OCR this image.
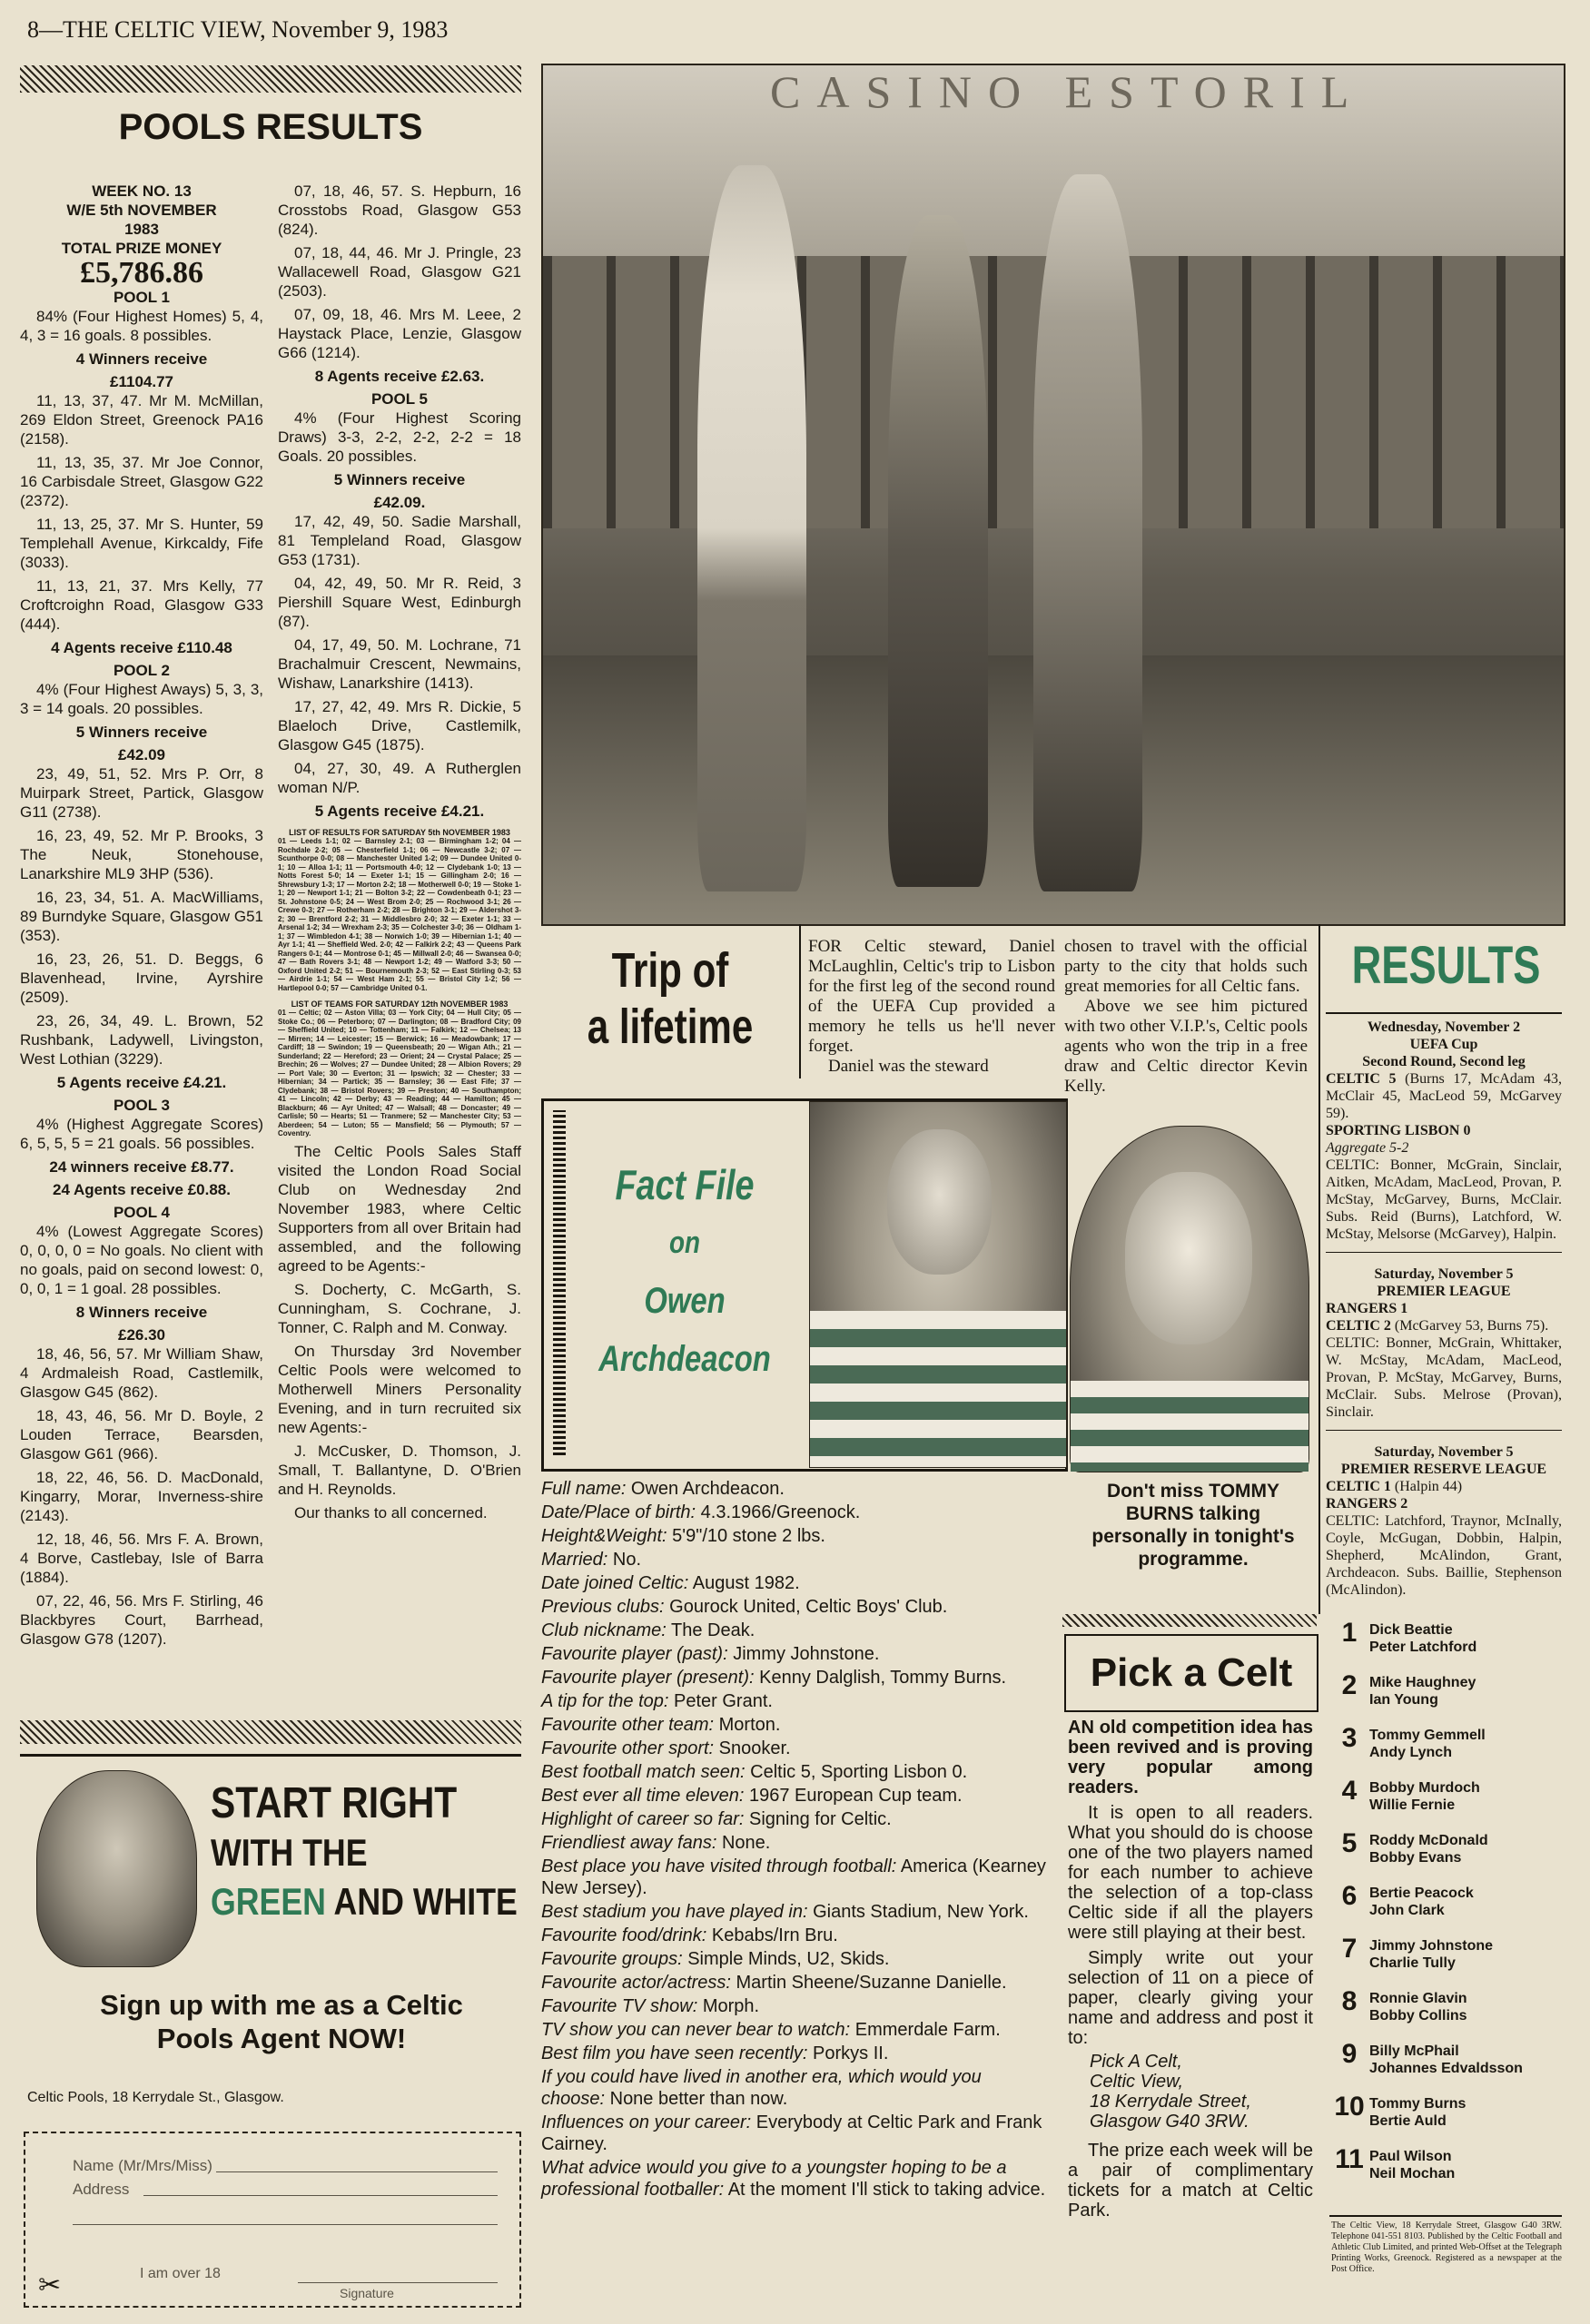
8—THE CELTIC VIEW, November 9, 1983
POOLS RESULTS
WEEK NO. 13
W/E 5th NOVEMBER
1983
TOTAL PRIZE MONEY
£5,786.86
POOL 1
84% (Four Highest Homes) 5, 4, 4, 3 = 16 goals. 8 possibles.
4 Winners receive
£1104.77
11, 13, 37, 47. Mr M. McMillan, 269 Eldon Street, Greenock PA16 (2158).
11, 13, 35, 37. Mr Joe Connor, 16 Carbisdale Street, Glasgow G22 (2372).
11, 13, 25, 37. Mr S. Hunter, 59 Templehall Avenue, Kirkcaldy, Fife (3033).
11, 13, 21, 37. Mrs Kelly, 77 Croftcroighn Road, Glasgow G33 (444).
4 Agents receive £110.48
POOL 2
4% (Four Highest Aways) 5, 3, 3, 3 = 14 goals. 20 possibles.
5 Winners receive
£42.09
23, 49, 51, 52. Mrs P. Orr, 8 Muirpark Street, Partick, Glasgow G11 (2738).
16, 23, 49, 52. Mr P. Brooks, 3 The Neuk, Stonehouse, Lanarkshire ML9 3HP (536).
16, 23, 34, 51. A. MacWilliams, 89 Burndyke Square, Glasgow G51 (353).
16, 23, 26, 51. D. Beggs, 6 Blavenhead, Irvine, Ayrshire (2509).
23, 26, 34, 49. L. Brown, 52 Rushbank, Ladywell, Livingston, West Lothian (3229).
5 Agents receive £4.21.
POOL 3
4% (Highest Aggregate Scores) 6, 5, 5, 5 = 21 goals. 56 possibles.
24 winners receive £8.77.
24 Agents receive £0.88.
POOL 4
4% (Lowest Aggregate Scores) 0, 0, 0, 0 = No goals. No client with no goals, paid on second lowest: 0, 0, 0, 1 = 1 goal. 28 possibles.
8 Winners receive
£26.30
18, 46, 56, 57. Mr William Shaw, 4 Ardmaleish Road, Castlemilk, Glasgow G45 (862).
18, 43, 46, 56. Mr D. Boyle, 2 Louden Terrace, Bearsden, Glasgow G61 (966).
18, 22, 46, 56. D. MacDonald, Kingarry, Morar, Inverness-shire (2143).
12, 18, 46, 56. Mrs F. A. Brown, 4 Borve, Castlebay, Isle of Barra (1884).
07, 22, 46, 56. Mrs F. Stirling, 46 Blackbyres Court, Barrhead, Glasgow G78 (1207).
07, 18, 46, 57. S. Hepburn, 16 Crosstobs Road, Glasgow G53 (824).
07, 18, 44, 46. Mr J. Pringle, 23 Wallacewell Road, Glasgow G21 (2503).
07, 09, 18, 46. Mrs M. Leee, 2 Haystack Place, Lenzie, Glasgow G66 (1214).
8 Agents receive £2.63.
POOL 5
4% (Four Highest Scoring Draws) 3-3, 2-2, 2-2, 2-2 = 18 Goals. 20 possibles.
5 Winners receive
£42.09.
17, 42, 49, 50. Sadie Marshall, 81 Templeland Road, Glasgow G53 (1731).
04, 42, 49, 50. Mr R. Reid, 3 Piershill Square West, Edinburgh (87).
04, 17, 49, 50. M. Lochrane, 71 Brachalmuir Crescent, Newmains, Wishaw, Lanarkshire (1413).
17, 27, 42, 49. Mrs R. Dickie, 5 Blaeloch Drive, Castlemilk, Glasgow G45 (1875).
04, 27, 30, 49. A Rutherglen woman N/P.
5 Agents receive £4.21.
LIST OF RESULTS FOR SATURDAY 5th NOVEMBER 1983
01 — Leeds 1-1; 02 — Barnsley 2-1; 03 — Birmingham 1-2; 04 — Rochdale 2-2; 05 — Chesterfield 1-1; 06 — Newcastle 3-2; 07 — Scunthorpe 0-0; 08 — Manchester United 1-2; 09 — Dundee United 0-1; 10 — Alloa 1-1; 11 — Portsmouth 4-0; 12 — Clydebank 1-0; 13 — Notts Forest 5-0; 14 — Exeter 1-1; 15 — Gillingham 2-0; 16 — Shrewsbury 1-3; 17 — Morton 2-2; 18 — Motherwell 0-0; 19 — Stoke 1-1; 20 — Newport 1-1; 21 — Bolton 3-2; 22 — Cowdenbeath 0-1; 23 — St. Johnstone 0-5; 24 — West Brom 2-0; 25 — Rochwood 3-1; 26 — Crewe 0-3; 27 — Rotherham 2-2; 28 — Brighton 3-1; 29 — Aldershot 3-2; 30 — Brentford 2-2; 31 — Middlesbro 2-0; 32 — Exeter 1-1; 33 — Arsenal 1-2; 34 — Wrexham 2-3; 35 — Colchester 3-0; 36 — Oldham 1-1; 37 — Wimbledon 4-1; 38 — Norwich 1-0; 39 — Hibernian 1-1; 40 — Ayr 1-1; 41 — Sheffield Wed. 2-0; 42 — Falkirk 2-2; 43 — Queens Park Rangers 0-1; 44 — Montrose 0-1; 45 — Millwall 2-0; 46 — Swansea 0-0; 47 — Bath Rovers 3-1; 48 — Newport 1-2; 49 — Watford 3-3; 50 — Oxford United 2-2; 51 — Bournemouth 2-3; 52 — East Stirling 0-3; 53 — Airdrie 1-1; 54 — West Ham 2-1; 55 — Bristol City 1-2; 56 — Hartlepool 0-0; 57 — Cambridge United 0-1.
LIST OF TEAMS FOR SATURDAY 12th NOVEMBER 1983
01 — Celtic; 02 — Aston Villa; 03 — York City; 04 — Hull City; 05 — Stoke Co.; 06 — Peterboro; 07 — Darlington; 08 — Bradford City; 09 — Sheffield United; 10 — Tottenham; 11 — Falkirk; 12 — Chelsea; 13 — Mirren; 14 — Leicester; 15 — Berwick; 16 — Meadowbank; 17 — Cardiff; 18 — Swindon; 19 — Queensbeath; 20 — Wigan Ath.; 21 — Sunderland; 22 — Hereford; 23 — Orient; 24 — Crystal Palace; 25 — Brechin; 26 — Wolves; 27 — Dundee United; 28 — Albion Rovers; 29 — Port Vale; 30 — Everton; 31 — Ipswich; 32 — Chester; 33 — Hibernian; 34 — Partick; 35 — Barnsley; 36 — East Fife; 37 — Clydebank; 38 — Bristol Rovers; 39 — Preston; 40 — Southampton; 41 — Lincoln; 42 — Derby; 43 — Reading; 44 — Hamilton; 45 — Blackburn; 46 — Ayr United; 47 — Walsall; 48 — Doncaster; 49 — Carlisle; 50 — Hearts; 51 — Tranmere; 52 — Manchester City; 53 — Aberdeen; 54 — Luton; 55 — Mansfield; 56 — Plymouth; 57 — Coventry.
The Celtic Pools Sales Staff visited the London Road Social Club on Wednesday 2nd November 1983, where Celtic Supporters from all over Britain had assembled, and the following agreed to be Agents:-
S. Docherty, C. McGarth, S. Cunningham, S. Cochrane, J. Tonner, C. Ralph and M. Conway.
On Thursday 3rd November Celtic Pools were welcomed to Motherwell Miners Personality Evening, and in turn recruited six new Agents:-
J. McCusker, D. Thomson, J. Small, T. Ballantyne, D. O'Brien and H. Reynolds.
Our thanks to all concerned.
START RIGHT
WITH THE
GREEN AND WHITE
Sign up with me as a Celtic Pools Agent NOW!
Celtic Pools, 18 Kerrydale St., Glasgow.
Name (Mr/Mrs/Miss)
Address
✂	I am over 18
Signature
CASINO ESTORIL
Trip of
a lifetime
FOR Celtic steward, Daniel McLaughlin, Celtic's trip to Lisbon for the first leg of the second round of the UEFA Cup provided a memory he tells us he'll never forget.
Daniel was the steward
chosen to travel with the official party to the city that holds such great memories for all Celtic fans.
Above we see him pictured with two other V.I.P.'s, Celtic pools agents who won the trip in a free draw and Celtic director Kevin Kelly.
Fact File
on
Owen
Archdeacon
Full name: Owen Archdeacon.
Date/Place of birth: 4.3.1966/Greenock.
Height&Weight: 5'9"/10 stone 2 lbs.
Married: No.
Date joined Celtic: August 1982.
Previous clubs: Gourock United, Celtic Boys' Club.
Club nickname: The Deak.
Favourite player (past): Jimmy Johnstone.
Favourite player (present): Kenny Dalglish, Tommy Burns.
A tip for the top: Peter Grant.
Favourite other team: Morton.
Favourite other sport: Snooker.
Best football match seen: Celtic 5, Sporting Lisbon 0.
Best ever all time eleven: 1967 European Cup team.
Highlight of career so far: Signing for Celtic.
Friendliest away fans: None.
Best place you have visited through football: America (Kearney New Jersey).
Best stadium you have played in: Giants Stadium, New York.
Favourite food/drink: Kebabs/Irn Bru.
Favourite groups: Simple Minds, U2, Skids.
Favourite actor/actress: Martin Sheene/Suzanne Danielle.
Favourite TV show: Morph.
TV show you can never bear to watch: Emmerdale Farm.
Best film you have seen recently: Porkys II.
If you could have lived in another era, which would you choose: None better than now.
Influences on your career: Everybody at Celtic Park and Frank Cairney.
What advice would you give to a youngster hoping to be a professional footballer: At the moment I'll stick to taking advice.
Don't miss TOMMY BURNS talking personally in tonight's programme.
RESULTS
Wednesday, November 2
UEFA Cup
Second Round, Second leg
CELTIC 5 (Burns 17, McAdam 43, McClair 45, MacLeod 59, McGarvey 59).
SPORTING LISBON 0
Aggregate 5-2
CELTIC: Bonner, McGrain, Sinclair, Aitken, McAdam, MacLeod, Provan, P. McStay, McGarvey, Burns, McClair. Subs. Reid (Burns), Latchford, W. McStay, Melsorse (McGarvey), Halpin.
Saturday, November 5
PREMIER LEAGUE
RANGERS 1
CELTIC 2 (McGarvey 53, Burns 75).
CELTIC: Bonner, McGrain, Whittaker, W. McStay, McAdam, MacLeod, Provan, P. McStay, McGarvey, Burns, McClair. Subs. Melrose (Provan), Sinclair.
Saturday, November 5
PREMIER RESERVE LEAGUE
CELTIC 1 (Halpin 44)
RANGERS 2
CELTIC: Latchford, Traynor, McInally, Coyle, McGugan, Dobbin, Halpin, Shepherd, McAlindon, Grant, Archdeacon. Subs. Baillie, Stephenson (McAlindon).
Pick a Celt
AN old competition idea has been revived and is proving very popular among readers.
It is open to all readers. What you should do is choose one of the two players named for each number to achieve the selection of a top-class Celtic side if all the players were still playing at their best.
Simply write out your selection of 11 on a piece of paper, clearly giving your name and address and post it to:
Pick A Celt,
Celtic View,
18 Kerrydale Street,
Glasgow G40 3RW.
The prize each week will be a pair of complimentary tickets for a match at Celtic Park.
1 Dick Beattie
Peter Latchford
2 Mike Haughney
Ian Young
3 Tommy Gemmell
Andy Lynch
4 Bobby Murdoch
Willie Fernie
5 Roddy McDonald
Bobby Evans
6 Bertie Peacock
John Clark
7 Jimmy Johnstone
Charlie Tully
8 Ronnie Glavin
Bobby Collins
9 Billy McPhail
Johannes Edvaldsson
10 Tommy Burns
Bertie Auld
11 Paul Wilson
Neil Mochan
The Celtic View, 18 Kerrydale Street, Glasgow G40 3RW. Telephone 041-551 8103. Published by the Celtic Football and Athletic Club Limited, and printed Web-Offset at the Telegraph Printing Works, Greenock. Registered as a newspaper at the Post Office.
